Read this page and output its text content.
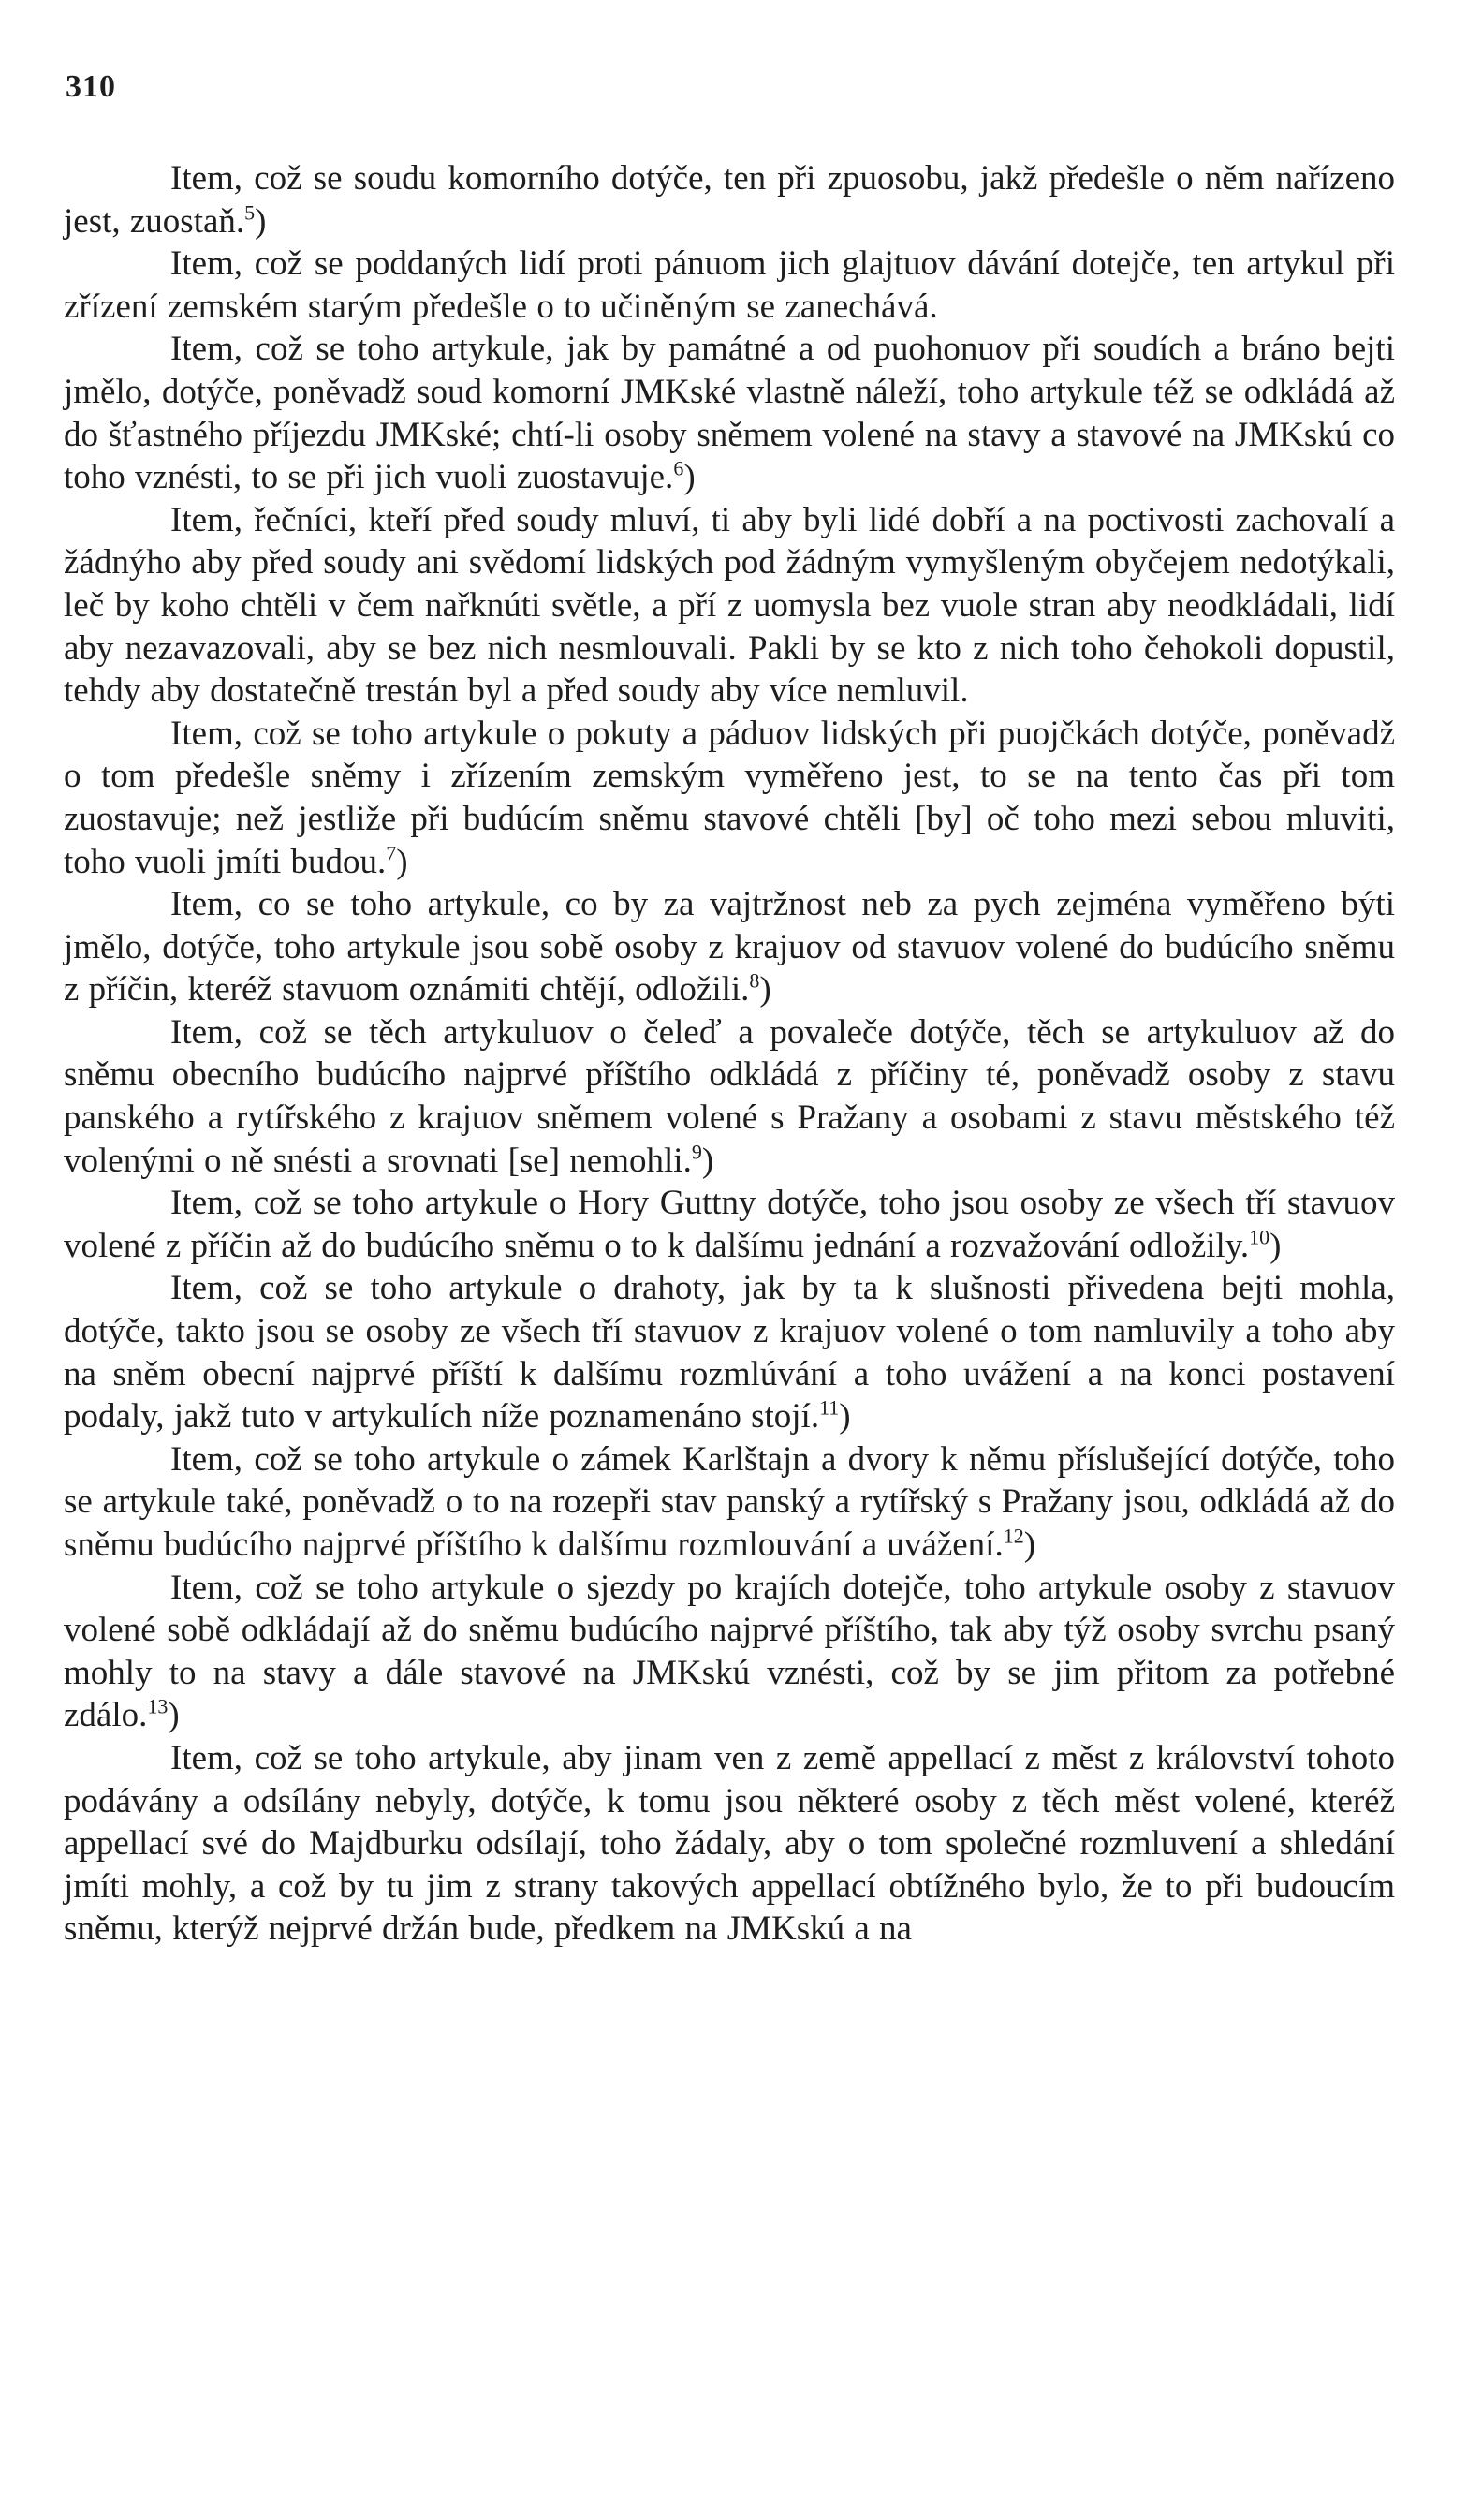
310

Item, což se soudu komorního dotýče, ten při zpuosobu, jakž předešle o něm nařízeno jest, zuostaň.$^5$)

Item, což se poddaných lidí proti pánuom jich glajtuov dávání dotejče, ten artykul při zřízení zemském starým předešle o to učiněným se zanechává.

Item, což se toho artykule, jak by památné a od puohonuov při soudích a bráno bejti jmělo, dotýče, poněvadž soud komorní JMKské vlastně náleží, toho artykule též se odkládá až do šťastného příjezdu JMKské; chtí-li osoby sněmem volené na stavy a stavové na JMKskú co toho vznésti, to se při jich vuoli zuostavuje.$^6$)

Item, řečníci, kteří před soudy mluví, ti aby byli lidé dobří a na poctivosti zachovalí a žádnýho aby před soudy ani svědomí lidských pod žádným vymyšleným obyčejem nedotýkali, leč by koho chtěli v čem nařknúti světle, a pří z uomysla bez vuole stran aby neodkládali, lidí aby nezavazovali, aby se bez nich nesmlouvali. Pakli by se kto z nich toho čehokoli dopustil, tehdy aby dostatečně trestán byl a před soudy aby více nemluvil.

Item, což se toho artykule o pokuty a páduov lidských při puojčkách dotýče, poněvadž o tom předešle sněmy i zřízením zemským vyměřeno jest, to se na tento čas při tom zuostavuje; než jestliže při budúcím sněmu stavové chtěli [by] oč toho mezi sebou mluviti, toho vuoli jmíti budou.$^7$)

Item, co se toho artykule, co by za vajtržnost neb za pych zejména vyměřeno býti jmělo, dotýče, toho artykule jsou sobě osoby z krajuov od stavuov volené do budúcího sněmu z příčin, kteréž stavuom oznámiti chtějí, odložili.$^8$)

Item, což se těch artykuluov o čeleď a povalečе dotýče, těch se artykuluov až do sněmu obecního budúcího najprvé příštího odkládá z příčiny té, poněvadž osoby z stavu panského a rytířského z krajuov sněmem volené s Pražany a osobami z stavu městského též volenými o ně snésti a srovnati [se] nemohli.$^9$)

Item, což se toho artykule o Hory Guttny dotýče, toho jsou osoby ze všech tří stavuov volené z příčin až do budúcího sněmu o to k dalšímu jednání a rozvažování odložily.$^{10}$)

Item, což se toho artykule o drahoty, jak by ta k slušnosti přivedena bejti mohla, dotýče, takto jsou se osoby ze všech tří stavuov z krajuov volené o tom namluvily a toho aby na sněm obecní najprvé příští k dalšímu rozmlúvání a toho uvážení a na konci postavení podaly, jakž tuto v artykulích níže poznamenáno stojí.$^{11}$)

Item, což se toho artykule o zámek Karlštajn a dvory k němu příslušející dotýče, toho se artykule také, poněvadž o to na rozepři stav panský a rytířský s Pražany jsou, odkládá až do sněmu budúcího najprvé příštího k dalšímu rozmlouvání a uvážení.$^{12}$)

Item, což se toho artykule o sjezdy po krajích dotejče, toho artykule osoby z stavuov volené sobě odkládají až do sněmu budúcího najprvé příštího, tak aby týž osoby svrchu psaný mohly to na stavy a dále stavové na JMKskú vznésti, což by se jim přitom za potřebné zdálo.$^{13}$)

Item, což se toho artykule, aby jinam ven z země appellací z měst z království tohoto podávány a odsílány nebyly, dotýče, k tomu jsou některé osoby z těch měst volené, kteréž appellací své do Majdburku odsílají, toho žádaly, aby o tom společné rozmluvení a shledání jmíti mohly, a což by tu jim z strany takových appellací obtížného bylo, že to při budoucím sněmu, kterýž nejprvé držán bude, předkem na JMKskú a na
